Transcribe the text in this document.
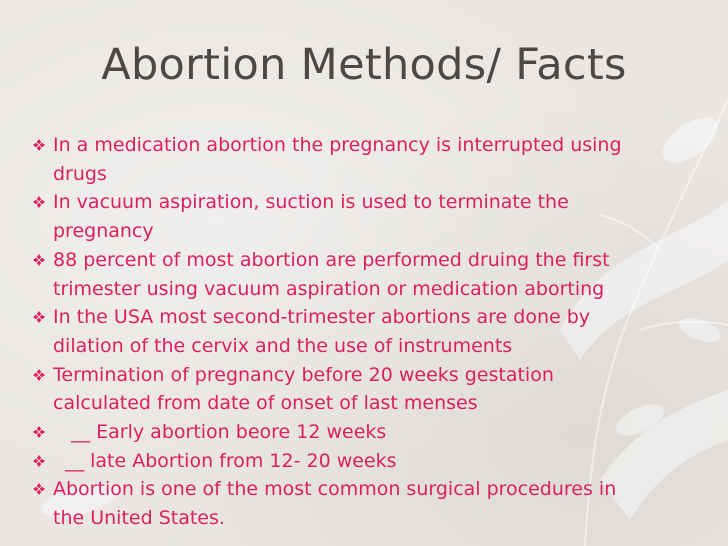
Abortion Methods/ Facts
In a medication abortion the pregnancy is interrupted using
drugs
In vacuum aspiration, suction is used to terminate the
pregnancy
88 percent of most abortion are performed druing the first
trimester using vacuum aspiration or medication aborting
In the USA most second-trimester abortions are done by
dilation of the cervix and the use of instruments
Termination of pregnancy before 20 weeks gestation
calculated from date of onset of last menses
__ Early abortion beore 12 weeks
__ late Abortion from 12- 20 weeks
Abortion is one of the most common surgical procedures in
the United States.
